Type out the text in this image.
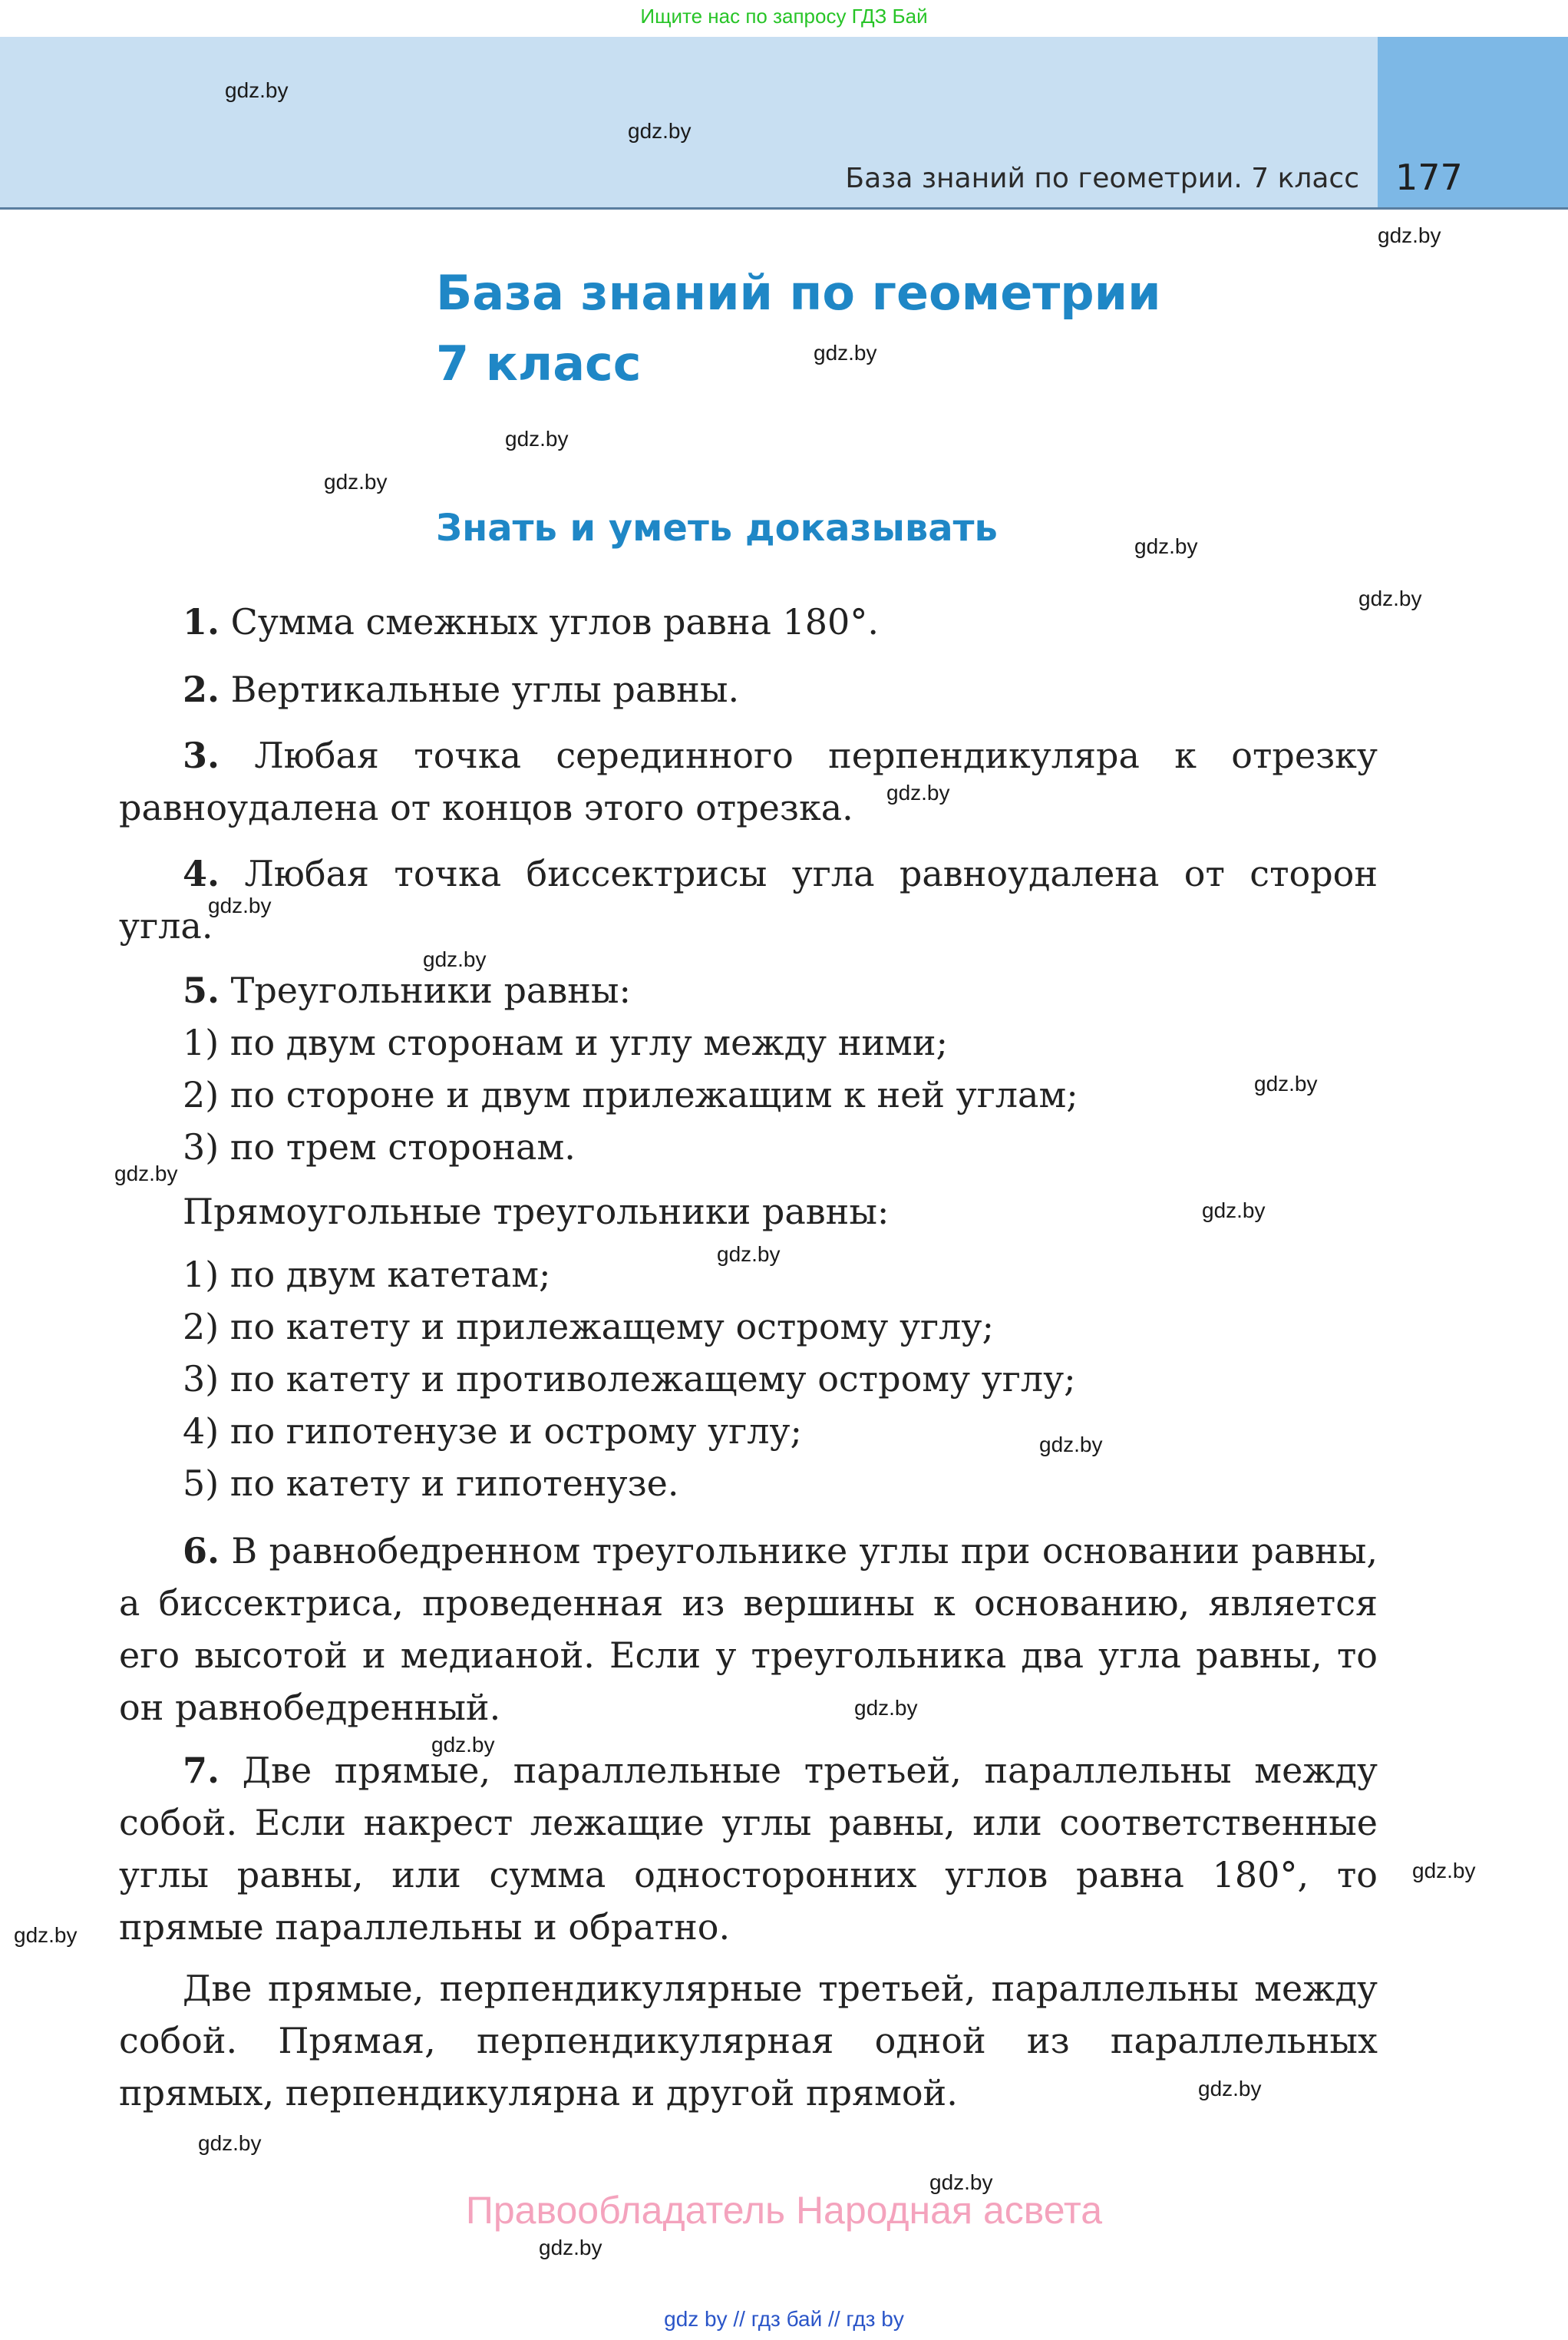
Ищите нас по запросу ГДЗ Бай
База знаний по геометрии. 7 класс 177
База знаний по геометрии
7 класс
Знать и уметь доказывать
1. Сумма смежных углов равна 180°.
2. Вертикальные углы равны.
3. Любая точка серединного перпендикуляра к отрезку равноудалена от концов этого отрезка.
4. Любая точка биссектрисы угла равноудалена от сторон угла.
5. Треугольники равны:
1) по двум сторонам и углу между ними;
2) по стороне и двум прилежащим к ней углам;
3) по трем сторонам.
Прямоугольные треугольники равны:
1) по двум катетам;
2) по катету и прилежащему острому углу;
3) по катету и противолежащему острому углу;
4) по гипотенузе и острому углу;
5) по катету и гипотенузе.
6. В равнобедренном треугольнике углы при основании равны, а биссектриса, проведенная из вершины к основанию, является его высотой и медианой. Если у треугольника два угла равны, то он равнобедренный.
7. Две прямые, параллельные третьей, параллельны между собой. Если накрест лежащие углы равны, или соответственные углы равны, или сумма односторонних углов равна 180°, то прямые параллельны и обратно.
Две прямые, перпендикулярные третьей, параллельны между собой. Прямая, перпендикулярная одной из параллельных прямых, перпендикулярна и другой прямой.
gdz.by
gdz.by
gdz.by
gdz.by
gdz.by
gdz.by
gdz.by
gdz.by
gdz.by
gdz.by
gdz.by
gdz.by
gdz.by
gdz.by
gdz.by
gdz.by
gdz.by
gdz.by
gdz.by
gdz.by
gdz.by
gdz.by
gdz.by
gdz.by
Правообладатель Народная асвета
gdz by // гдз бай // гдз by
